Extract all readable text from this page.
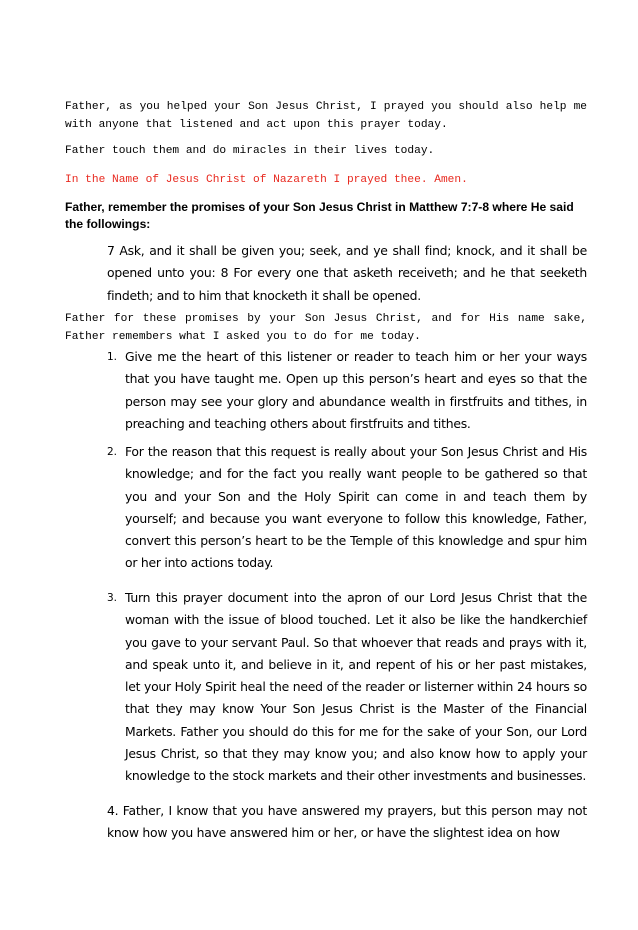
Father, as you helped your Son Jesus Christ, I prayed you should also help me with anyone that listened and act upon this prayer today.

Father touch them and do miracles in their lives today.

In the Name of Jesus Christ of Nazareth I prayed thee. Amen.

Father, remember the promises of your Son Jesus Christ in Matthew 7:7-8 where He said the followings:

7 Ask, and it shall be given you; seek, and ye shall find; knock, and it shall be opened unto you: 8 For every one that asketh receiveth; and he that seeketh findeth; and to him that knocketh it shall be opened.

Father for these promises by your Son Jesus Christ, and for His name sake, Father remembers what I asked you to do for me today.

1. Give me the heart of this listener or reader to teach him or her your ways that you have taught me. Open up this person’s heart and eyes so that the person may see your glory and abundance wealth in firstfruits and tithes, in preaching and teaching others about firstfruits and tithes.

2. For the reason that this request is really about your Son Jesus Christ and His knowledge; and for the fact you really want people to be gathered so that you and your Son and the Holy Spirit can come in and teach them by yourself; and because you want everyone to follow this knowledge, Father, convert this person’s heart to be the Temple of this knowledge and spur him or her into actions today.

3. Turn this prayer document into the apron of our Lord Jesus Christ that the woman with the issue of blood touched. Let it also be like the handkerchief you gave to your servant Paul. So that whoever that reads and prays with it, and speak unto it, and believe in it, and repent of his or her past mistakes, let your Holy Spirit heal the need of the reader or listerner within 24 hours so that they may know Your Son Jesus Christ is the Master of the Financial Markets. Father you should do this for me for the sake of your Son, our Lord Jesus Christ, so that they may know you; and also know how to apply your knowledge to the stock markets and their other investments and businesses.

4. Father, I know that you have answered my prayers, but this person may not know how you have answered him or her, or have the slightest idea on how
